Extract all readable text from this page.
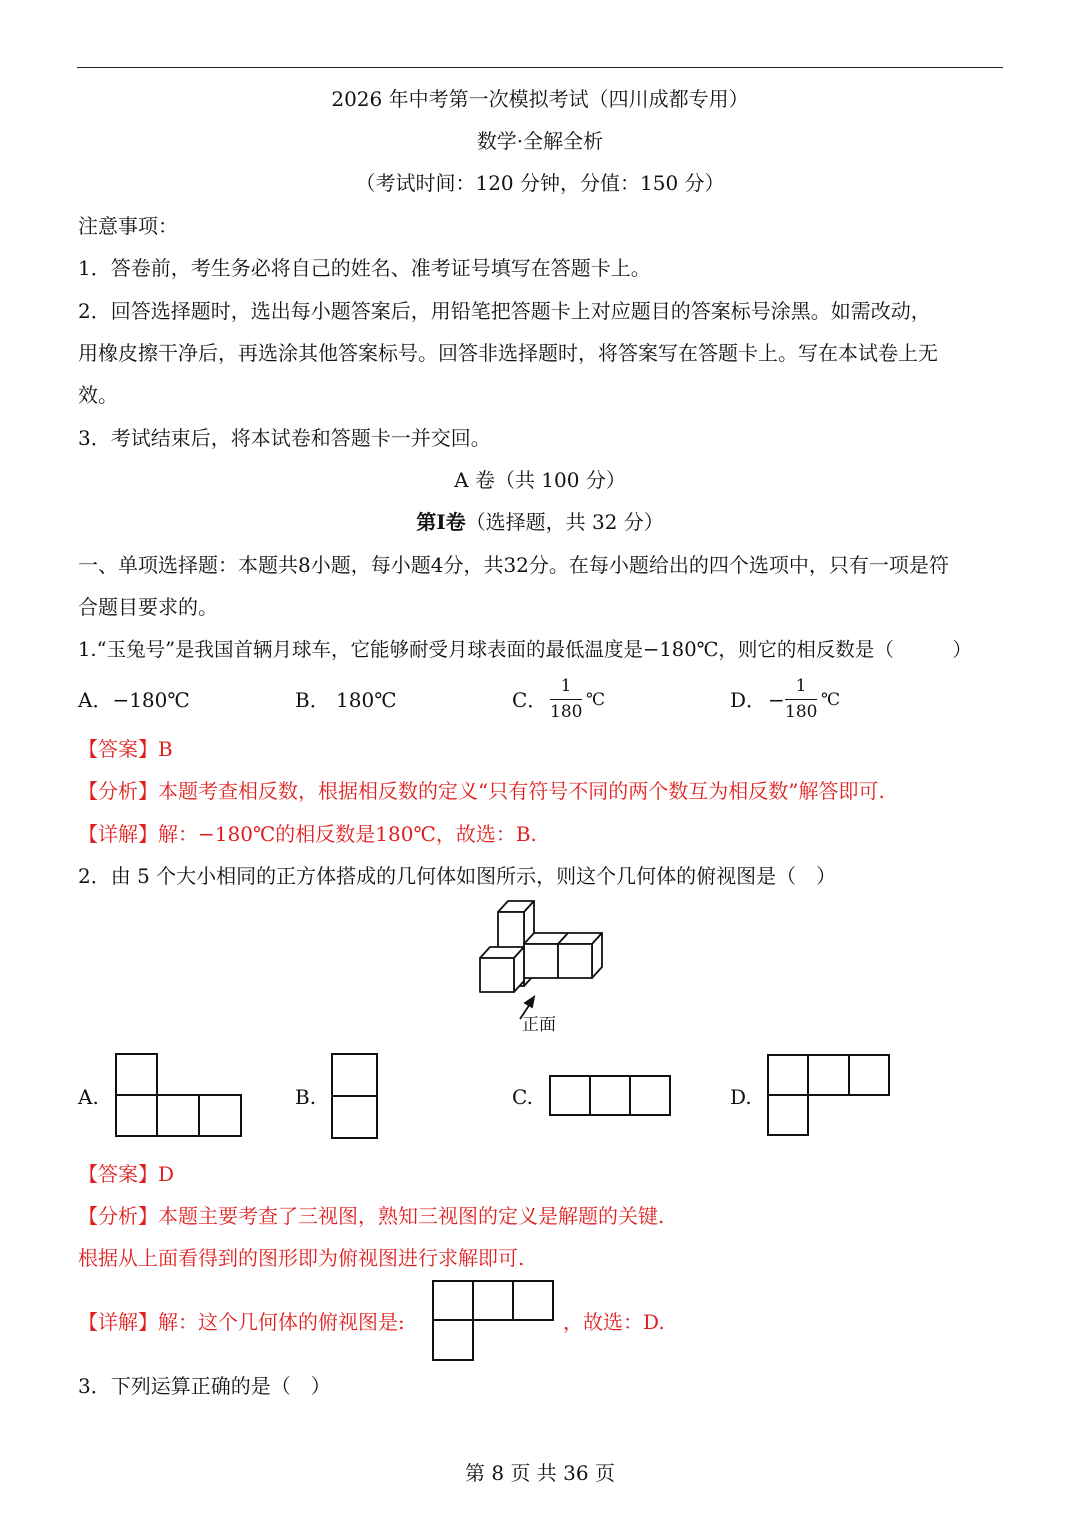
2026 年中考第一次模拟考试（四川成都专用）
数学·全解全析
（考试时间：120 分钟，分值：150 分）
注意事项：
1．答卷前，考生务必将自己的姓名、准考证号填写在答题卡上。
2．回答选择题时，选出每小题答案后，用铅笔把答题卡上对应题目的答案标号涂黑。如需改动，
用橡皮擦干净后，再选涂其他答案标号。回答非选择题时，将答案写在答题卡上。写在本试卷上无
效。
3．考试结束后，将本试卷和答题卡一并交回。
A 卷（共 100 分）
第Ⅰ卷（选择题，共 32 分）
一、单项选择题：本题共8小题，每小题4分，共32分。在每小题给出的四个选项中，只有一项是符
合题目要求的。
1.“玉兔号”是我国首辆月球车，它能够耐受月球表面的最低温度是−180℃，则它的相反数是（　　　）
A．−180℃	B． 180℃	C．
1
180
℃	D． −
1
180
℃
【答案】B
【分析】本题考查相反数，根据相反数的定义“只有符号不同的两个数互为相反数”解答即可.
【详解】解：−180℃的相反数是180℃，故选：B.
2．由 5 个大小相同的正方体搭成的几何体如图所示，则这个几何体的俯视图是（　）
正面
A.	B.	C.	D.
【答案】D
【分析】本题主要考查了三视图，熟知三视图的定义是解题的关键.
根据从上面看得到的图形即为俯视图进行求解即可.
【详解】解：这个几何体的俯视图是:	，故选：D.
3．下列运算正确的是（　）
第 8 页 共 36 页
